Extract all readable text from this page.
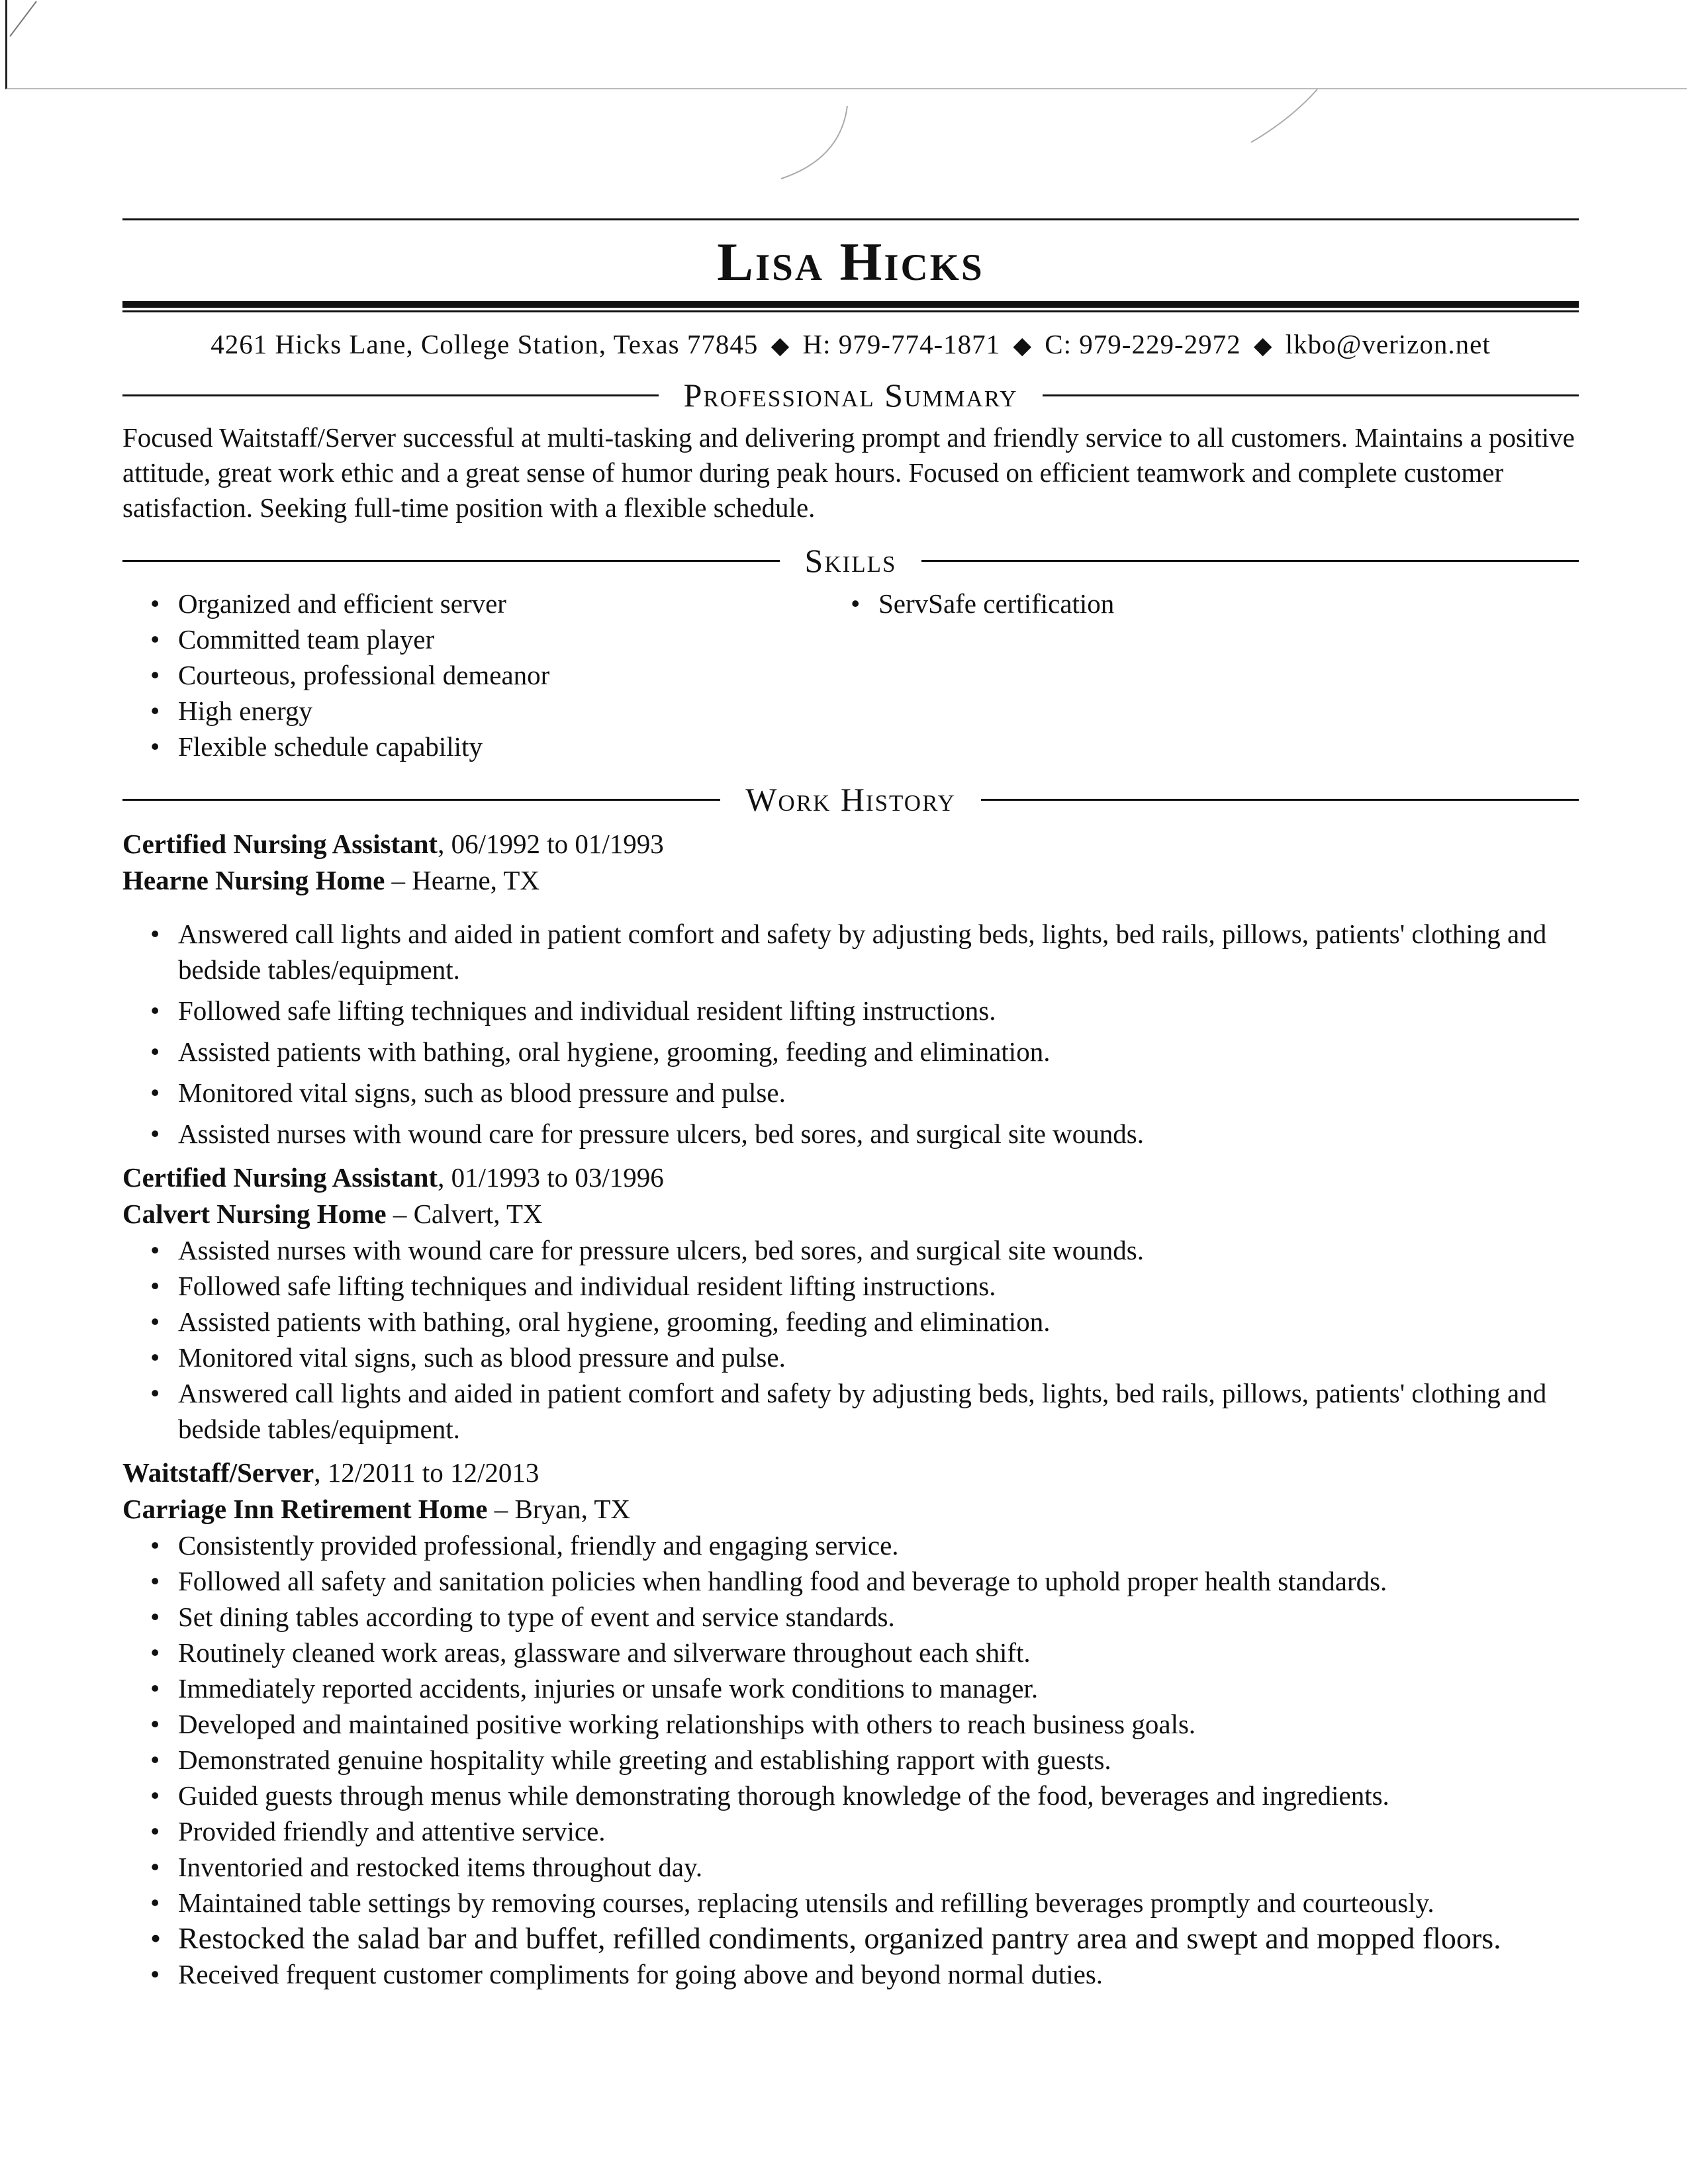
Lisa Hicks
4261 Hicks Lane, College Station, Texas 77845 ◆ H: 979-774-1871 ◆ C: 979-229-2972 ◆ lkbo@verizon.net
Professional Summary

Focused Waitstaff/Server successful at multi-tasking and delivering prompt and friendly service to all customers. Maintains a positive attitude, great work ethic and a great sense of humor during peak hours. Focused on efficient teamwork and complete customer satisfaction. Seeking full-time position with a flexible schedule.

Skills
• Organized and efficient server
• Committed team player
• Courteous, professional demeanor
• High energy
• Flexible schedule capability
• ServSafe certification
Work History
Certified Nursing Assistant, 06/1992 to 01/1993
Hearne Nursing Home – Hearne, TX
• Answered call lights and aided in patient comfort and safety by adjusting beds, lights, bed rails, pillows, patients' clothing and bedside tables/equipment.
• Followed safe lifting techniques and individual resident lifting instructions.
• Assisted patients with bathing, oral hygiene, grooming, feeding and elimination.
• Monitored vital signs, such as blood pressure and pulse.
• Assisted nurses with wound care for pressure ulcers, bed sores, and surgical site wounds.
Certified Nursing Assistant, 01/1993 to 03/1996
Calvert Nursing Home – Calvert, TX
• Assisted nurses with wound care for pressure ulcers, bed sores, and surgical site wounds.
• Followed safe lifting techniques and individual resident lifting instructions.
• Assisted patients with bathing, oral hygiene, grooming, feeding and elimination.
• Monitored vital signs, such as blood pressure and pulse.
• Answered call lights and aided in patient comfort and safety by adjusting beds, lights, bed rails, pillows, patients' clothing and bedside tables/equipment.
Waitstaff/Server, 12/2011 to 12/2013
Carriage Inn Retirement Home – Bryan, TX
• Consistently provided professional, friendly and engaging service.
• Followed all safety and sanitation policies when handling food and beverage to uphold proper health standards.
• Set dining tables according to type of event and service standards.
• Routinely cleaned work areas, glassware and silverware throughout each shift.
• Immediately reported accidents, injuries or unsafe work conditions to manager.
• Developed and maintained positive working relationships with others to reach business goals.
• Demonstrated genuine hospitality while greeting and establishing rapport with guests.
• Guided guests through menus while demonstrating thorough knowledge of the food, beverages and ingredients.
• Provided friendly and attentive service.
• Inventoried and restocked items throughout day.
• Maintained table settings by removing courses, replacing utensils and refilling beverages promptly and courteously.
• Restocked the salad bar and buffet, refilled condiments, organized pantry area and swept and mopped floors.
• Received frequent customer compliments for going above and beyond normal duties.
